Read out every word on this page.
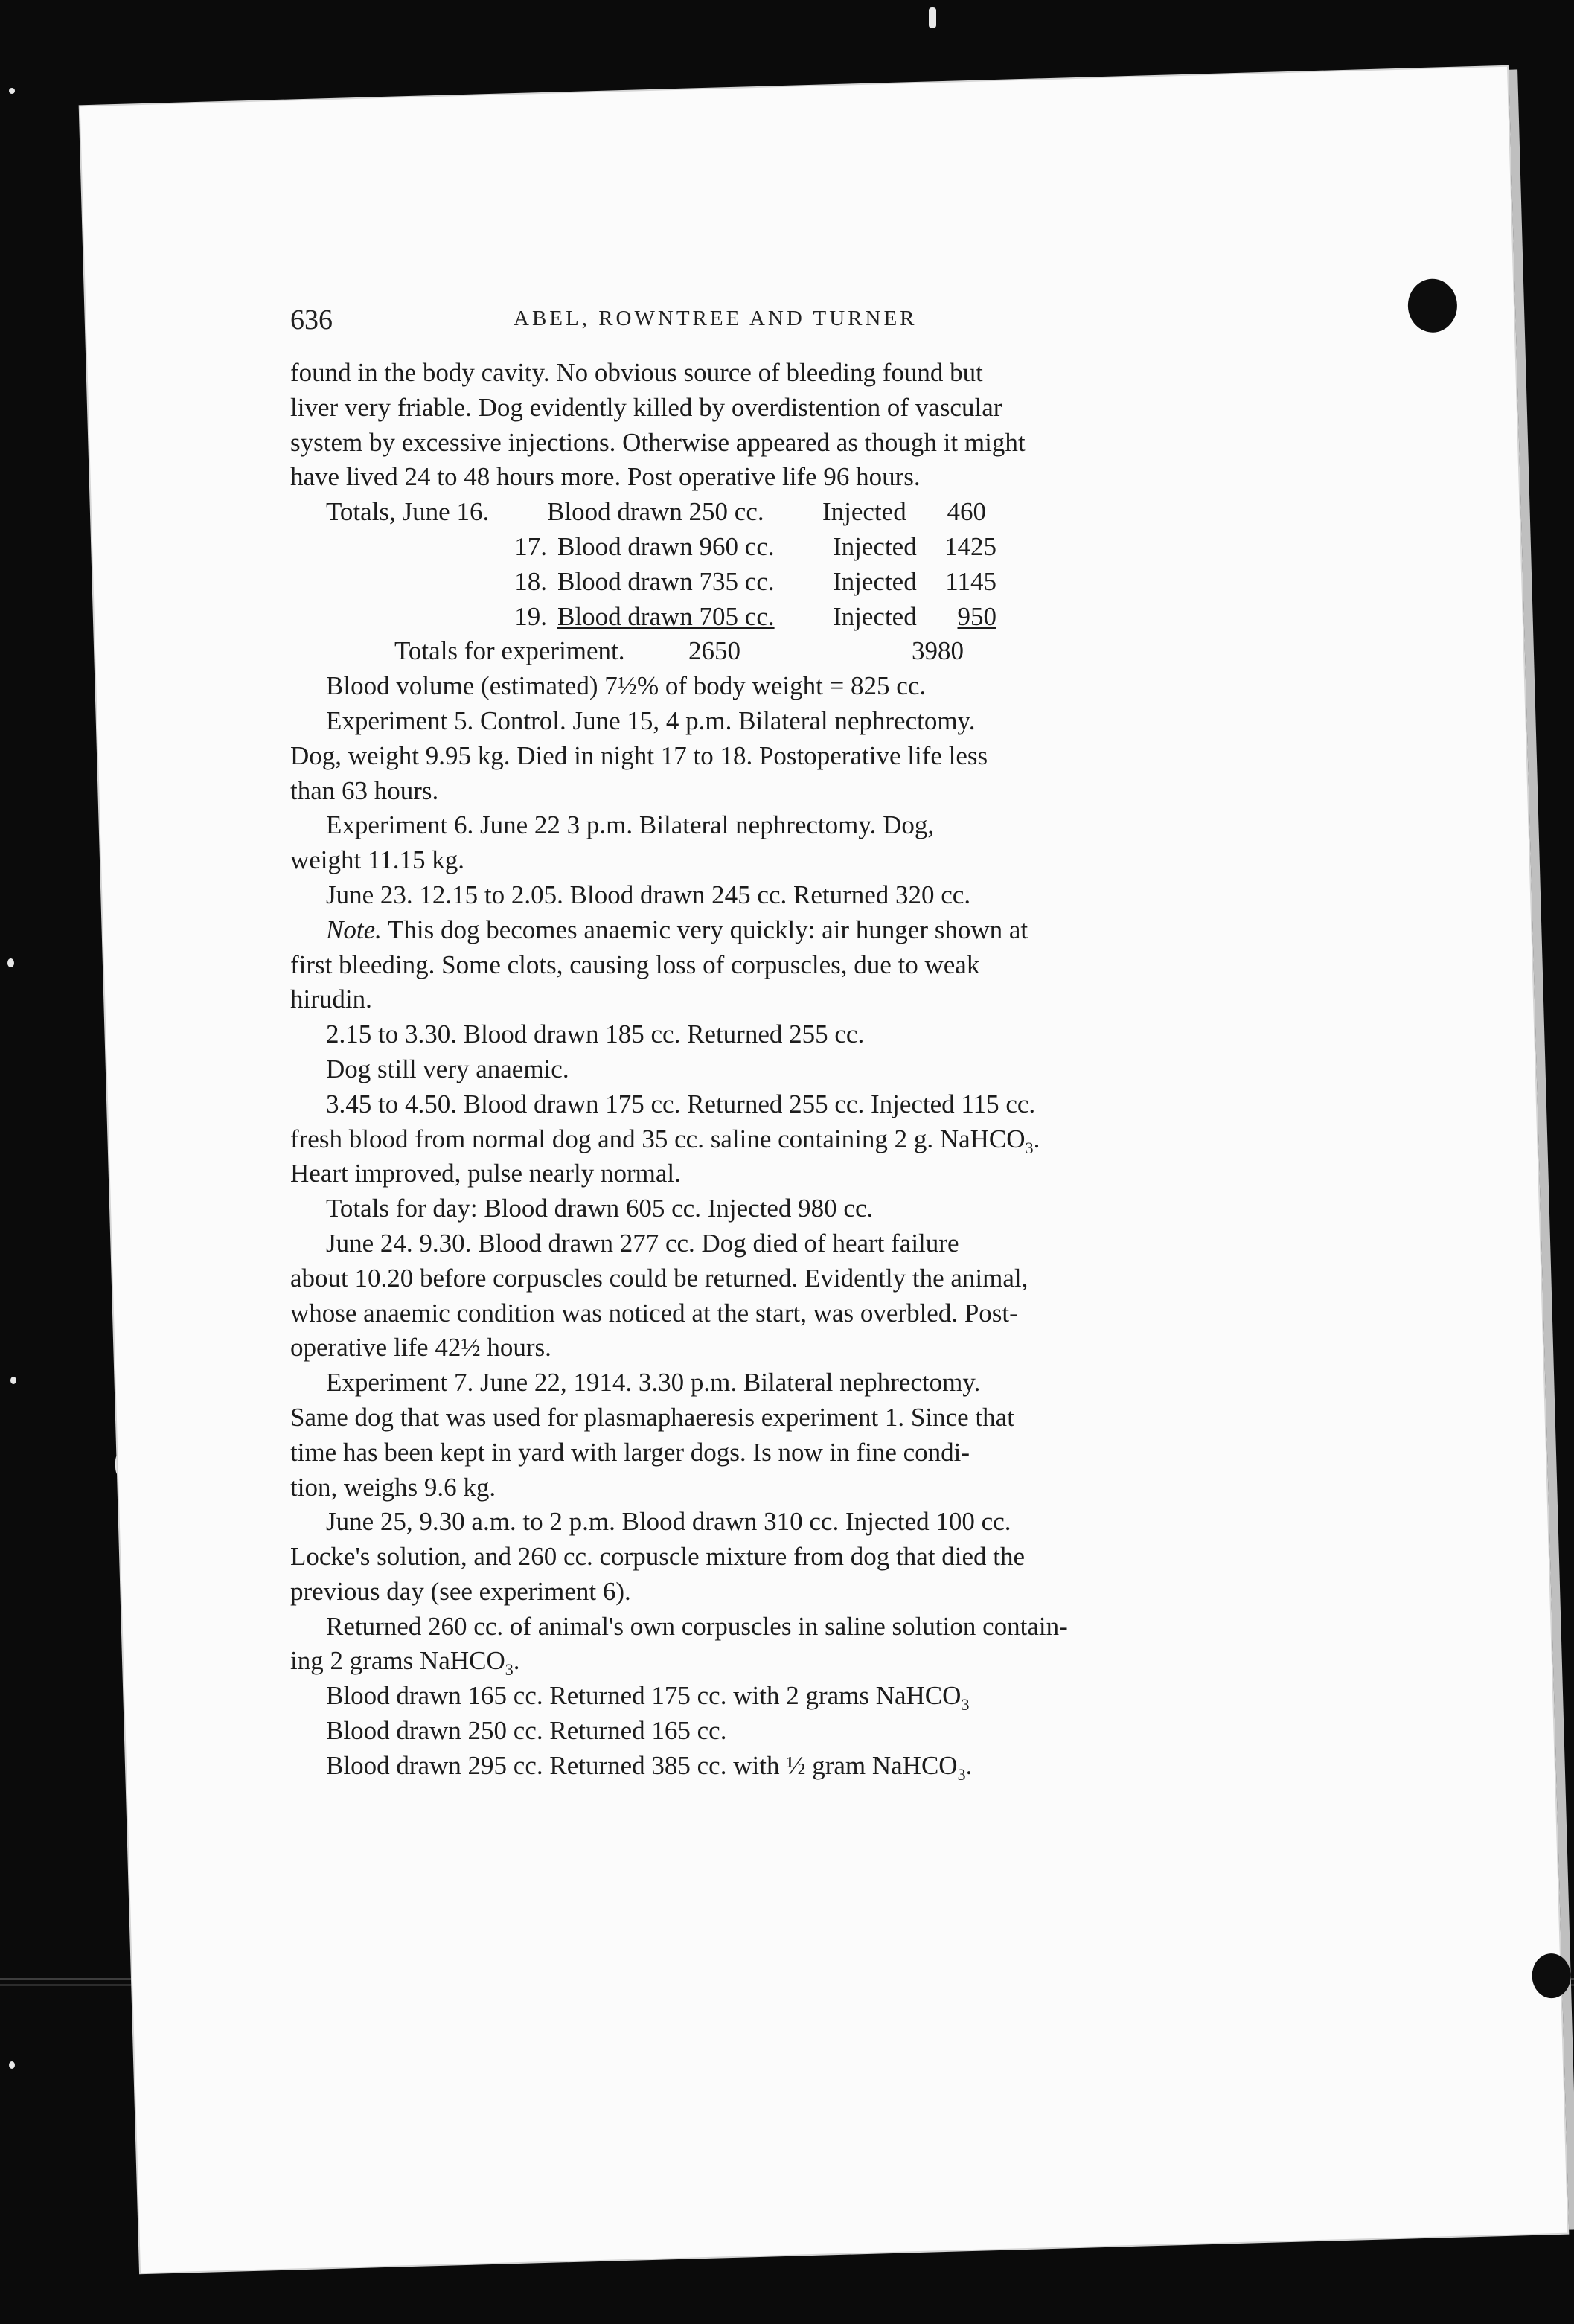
636	ABEL, ROWNTREE AND TURNER
found in the body cavity. No obvious source of bleeding found but
liver very friable. Dog evidently killed by overdistention of vascular
system by excessive injections. Otherwise appeared as though it might
have lived 24 to 48 hours more. Post operative life 96 hours.
Totals, June 16. Blood drawn 250 cc. Injected 460
17. Blood drawn 960 cc. Injected 1425
18. Blood drawn 735 cc. Injected 1145
19. Blood drawn 705 cc. Injected 950
Totals for experiment. 2650	3980
Blood volume (estimated) 7½% of body weight = 825 cc.
Experiment 5. Control. June 15, 4 p.m. Bilateral nephrectomy.
Dog, weight 9.95 kg. Died in night 17 to 18. Postoperative life less
than 63 hours.
Experiment 6. June 22 3 p.m. Bilateral nephrectomy. Dog,
weight 11.15 kg.
June 23. 12.15 to 2.05. Blood drawn 245 cc. Returned 320 cc.
Note. This dog becomes anaemic very quickly: air hunger shown at
first bleeding. Some clots, causing loss of corpuscles, due to weak
hirudin.
2.15 to 3.30. Blood drawn 185 cc. Returned 255 cc.
Dog still very anaemic.
3.45 to 4.50. Blood drawn 175 cc. Returned 255 cc. Injected 115 cc.
fresh blood from normal dog and 35 cc. saline containing 2 g. NaHCO$_3$.
Heart improved, pulse nearly normal.
Totals for day: Blood drawn 605 cc. Injected 980 cc.
June 24. 9.30. Blood drawn 277 cc. Dog died of heart failure
about 10.20 before corpuscles could be returned. Evidently the animal,
whose anaemic condition was noticed at the start, was overbled. Post-
operative life 42½ hours.
Experiment 7. June 22, 1914. 3.30 p.m. Bilateral nephrectomy.
Same dog that was used for plasmaphaeresis experiment 1. Since that
time has been kept in yard with larger dogs. Is now in fine condi-
tion, weighs 9.6 kg.
June 25, 9.30 a.m. to 2 p.m. Blood drawn 310 cc. Injected 100 cc.
Locke's solution, and 260 cc. corpuscle mixture from dog that died the
previous day (see experiment 6).
Returned 260 cc. of animal's own corpuscles in saline solution contain-
ing 2 grams NaHCO$_3$.
Blood drawn 165 cc. Returned 175 cc. with 2 grams NaHCO$_3$
Blood drawn 250 cc. Returned 165 cc.
Blood drawn 295 cc. Returned 385 cc. with ½ gram NaHCO$_3$.
